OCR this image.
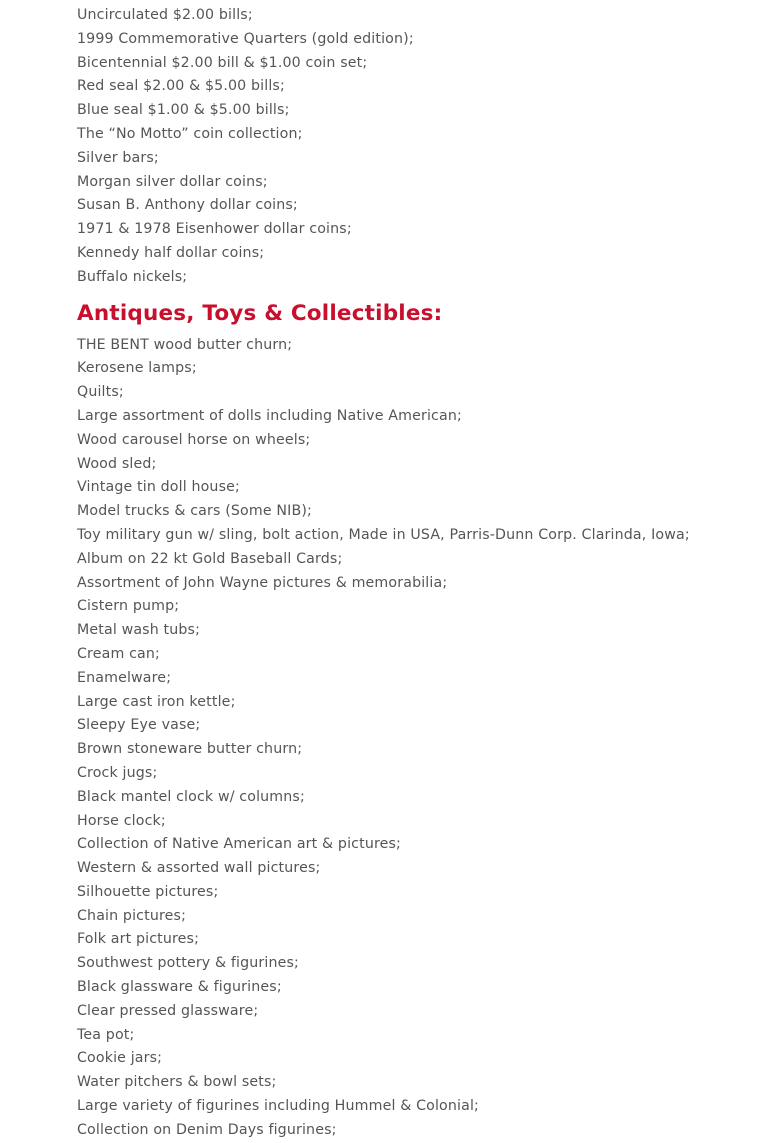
Uncirculated $2.00 bills;
1999 Commemorative Quarters (gold edition);
Bicentennial $2.00 bill & $1.00 coin set;
Red seal $2.00 & $5.00 bills;
Blue seal $1.00 & $5.00 bills;
The “No Motto” coin collection;
Silver bars;
Morgan silver dollar coins;
Susan B. Anthony dollar coins;
1971 & 1978 Eisenhower dollar coins;
Kennedy half dollar coins;
Buffalo nickels;
Antiques, Toys & Collectibles:
THE BENT wood butter churn;
Kerosene lamps;
Quilts;
Large assortment of dolls including Native American;
Wood carousel horse on wheels;
Wood sled;
Vintage tin doll house;
Model trucks & cars (Some NIB);
Toy military gun w/ sling, bolt action, Made in USA, Parris-Dunn Corp. Clarinda, Iowa;
Album on 22 kt Gold Baseball Cards;
Assortment of John Wayne pictures & memorabilia;
Cistern pump;
Metal wash tubs;
Cream can;
Enamelware;
Large cast iron kettle;
Sleepy Eye vase;
Brown stoneware butter churn;
Crock jugs;
Black mantel clock w/ columns;
Horse clock;
Collection of Native American art & pictures;
Western & assorted wall pictures;
Silhouette pictures;
Chain pictures;
Folk art pictures;
Southwest pottery & figurines;
Black glassware & figurines;
Clear pressed glassware;
Tea pot;
Cookie jars;
Water pitchers & bowl sets;
Large variety of figurines including Hummel & Colonial;
Collection on Denim Days figurines;
